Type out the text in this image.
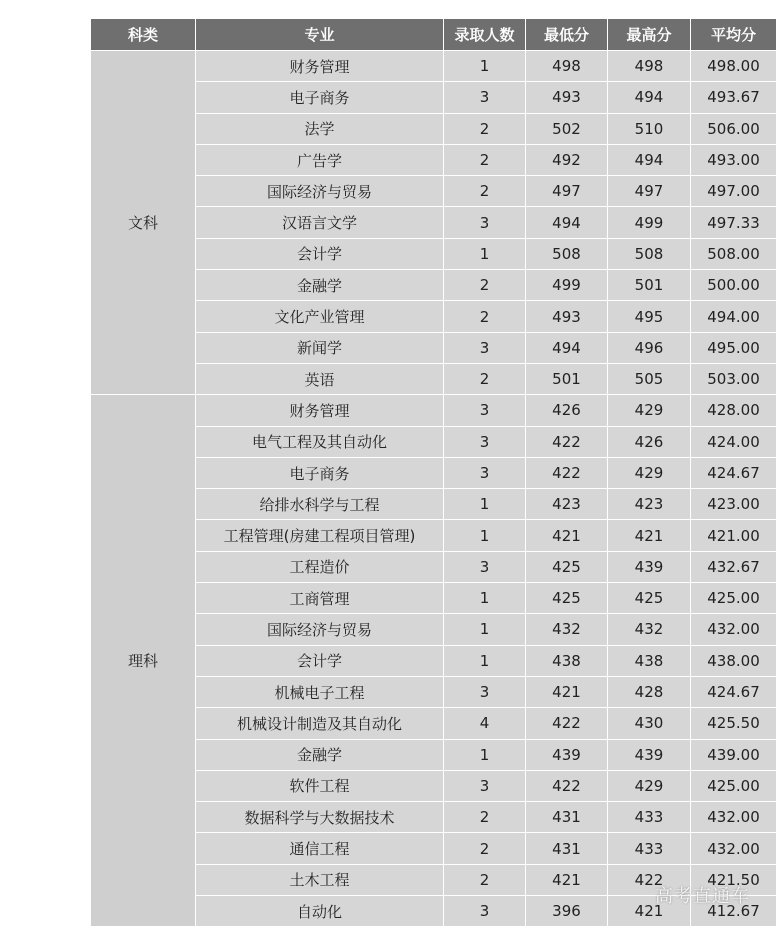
科类	专业	录取人数	最低分	最高分	平均分
文科	财务管理	1	498	498	498.00
	电子商务	3	493	494	493.67
	法学	2	502	510	506.00
	广告学	2	492	494	493.00
	国际经济与贸易	2	497	497	497.00
	汉语言文学	3	494	499	497.33
	会计学	1	508	508	508.00
	金融学	2	499	501	500.00
	文化产业管理	2	493	495	494.00
	新闻学	3	494	496	495.00
	英语	2	501	505	503.00
理科	财务管理	3	426	429	428.00
	电气工程及其自动化	3	422	426	424.00
	电子商务	3	422	429	424.67
	给排水科学与工程	1	423	423	423.00
	工程管理(房建工程项目管理)	1	421	421	421.00
	工程造价	3	425	439	432.67
	工商管理	1	425	425	425.00
	国际经济与贸易	1	432	432	432.00
	会计学	1	438	438	438.00
	机械电子工程	3	421	428	424.67
	机械设计制造及其自动化	4	422	430	425.50
	金融学	1	439	439	439.00
	软件工程	3	422	429	425.00
	数据科学与大数据技术	2	431	433	432.00
	通信工程	2	431	433	432.00
	土木工程	2	421	422	421.50
	自动化	3	396	421	412.67
高考直通车
